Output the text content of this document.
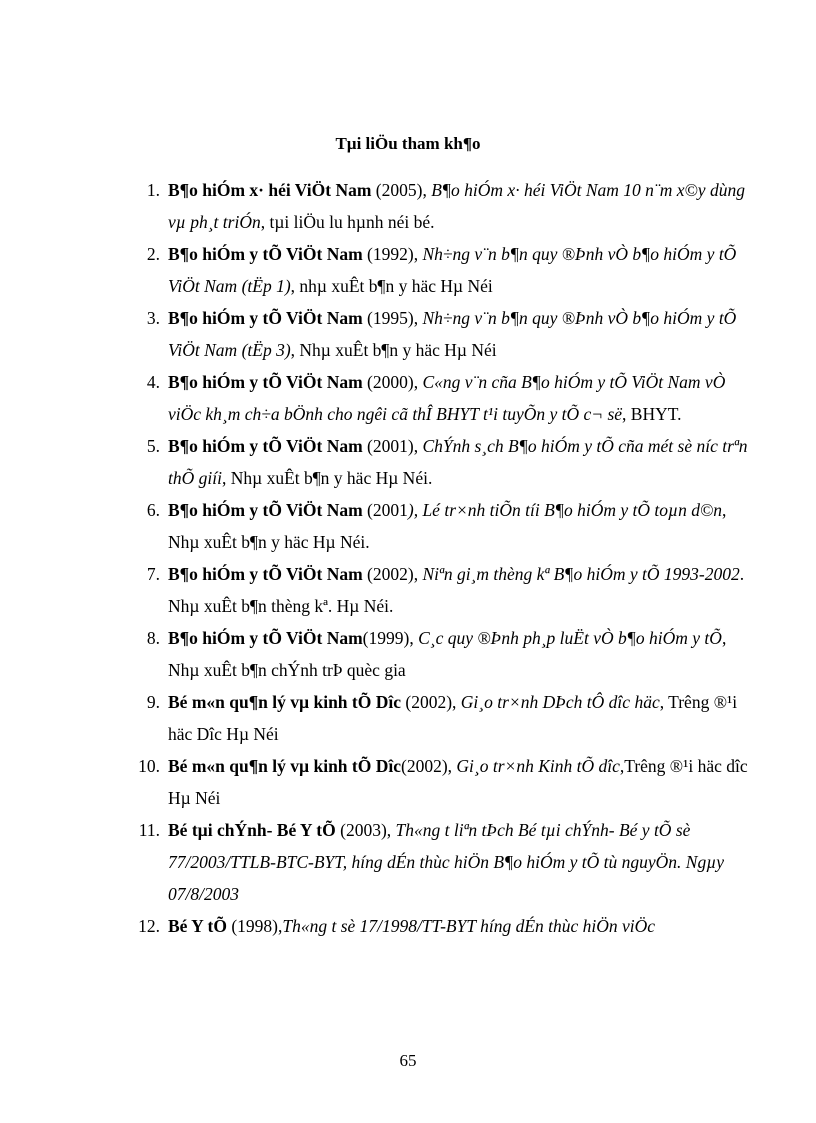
Tµi liÖu tham kh¶o
1. B¶o hiÓm x· héi ViÖt Nam (2005), B¶o hiÓm x· héi ViÖt Nam 10 n¨m x©y dùng vµ ph¸t triÓn, tµi liÖu lu hµnh néi bé.
2. B¶o hiÓm y tÕ ViÖt Nam (1992), Nh÷ng v¨n b¶n quy ®Þnh vÒ b¶o hiÓm y tÕ ViÖt Nam (tËp 1), nhµ xuÊt b¶n y häc Hµ Néi
3. B¶o hiÓm y tÕ ViÖt Nam (1995), Nh÷ng v¨n b¶n quy ®Þnh vÒ b¶o hiÓm y tÕ ViÖt Nam (tËp 3), Nhµ xuÊt b¶n y häc Hµ Néi
4. B¶o hiÓm y tÕ ViÖt Nam (2000), C«ng v¨n cña B¶o hiÓm y tÕ ViÖt Nam vÒ viÖc kh¸m ch÷a bÖnh cho ngêi cã thÎ BHYT t¹i tuyÕn y tÕ c¬ së, BHYT.
5. B¶o hiÓm y tÕ ViÖt Nam (2001), ChÝnh s¸ch B¶o hiÓm y tÕ cña mét sè níc trªn thÕ giíi, Nhµ xuÊt b¶n y häc Hµ Néi.
6. B¶o hiÓm y tÕ ViÖt Nam (2001), Lé tr×nh tiÕn tíi B¶o hiÓm y tÕ toµn d©n, Nhµ xuÊt b¶n y häc Hµ Néi.
7. B¶o hiÓm y tÕ ViÖt Nam (2002), Niªn gi¸m thèng kª B¶o hiÓm y tÕ 1993-2002. Nhµ xuÊt b¶n thèng kª. Hµ Néi.
8. B¶o hiÓm y tÕ ViÖt Nam(1999), C¸c quy ®Þnh ph¸p luËt vÒ b¶o hiÓm y tÕ, Nhµ xuÊt b¶n chÝnh trÞ quèc gia
9. Bé m«n qu¶n lý vµ kinh tÕ Dîc (2002), Gi¸o tr×nh DÞch tÔ dîc häc, Trêng ®¹i häc Dîc Hµ Néi
10. Bé m«n qu¶n lý vµ kinh tÕ Dîc(2002), Gi¸o tr×nh Kinh tÕ dîc,Trêng ®¹i häc dîc Hµ Néi
11. Bé tµi chÝnh- Bé Y tÕ (2003), Th«ng t liªn tÞch Bé tµi chÝnh- Bé y tÕ sè 77/2003/TTLB-BTC-BYT, híng dÉn thùc hiÖn B¶o hiÓm y tÕ tù nguyÖn. Ngµy 07/8/2003
12. Bé Y tÕ (1998),Th«ng t sè 17/1998/TT-BYT híng dÉn thùc hiÖn viÖc
65
